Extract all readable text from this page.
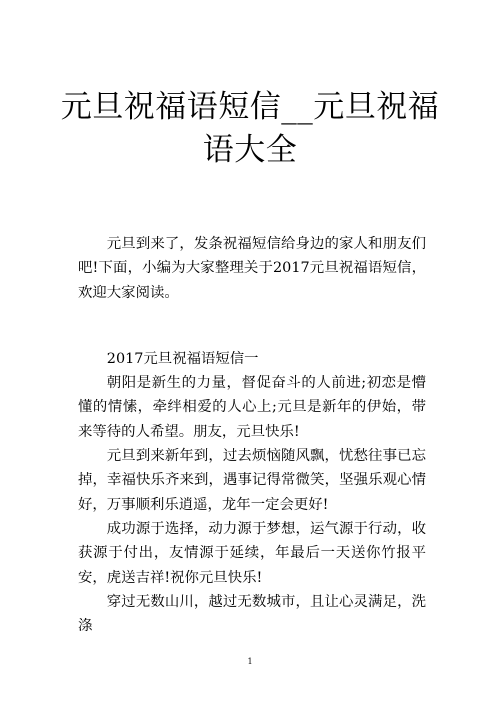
元旦祝福语短信__元旦祝福语大全

元旦到来了，发条祝福短信给身边的家人和朋友们吧!下面，小编为大家整理关于2017元旦祝福语短信，欢迎大家阅读。

2017元旦祝福语短信一

朝阳是新生的力量，督促奋斗的人前进;初恋是懵懂的情愫，牵绊相爱的人心上;元旦是新年的伊始，带来等待的人希望。朋友，元旦快乐!

元旦到来新年到，过去烦恼随风飘，忧愁往事已忘掉，幸福快乐齐来到，遇事记得常微笑，坚强乐观心情好，万事顺利乐逍遥，龙年一定会更好!

成功源于选择，动力源于梦想，运气源于行动，收获源于付出，友情源于延续，年最后一天送你竹报平安，虎送吉祥!祝你元旦快乐!

穿过无数山川，越过无数城市，且让心灵满足，洗涤

1
